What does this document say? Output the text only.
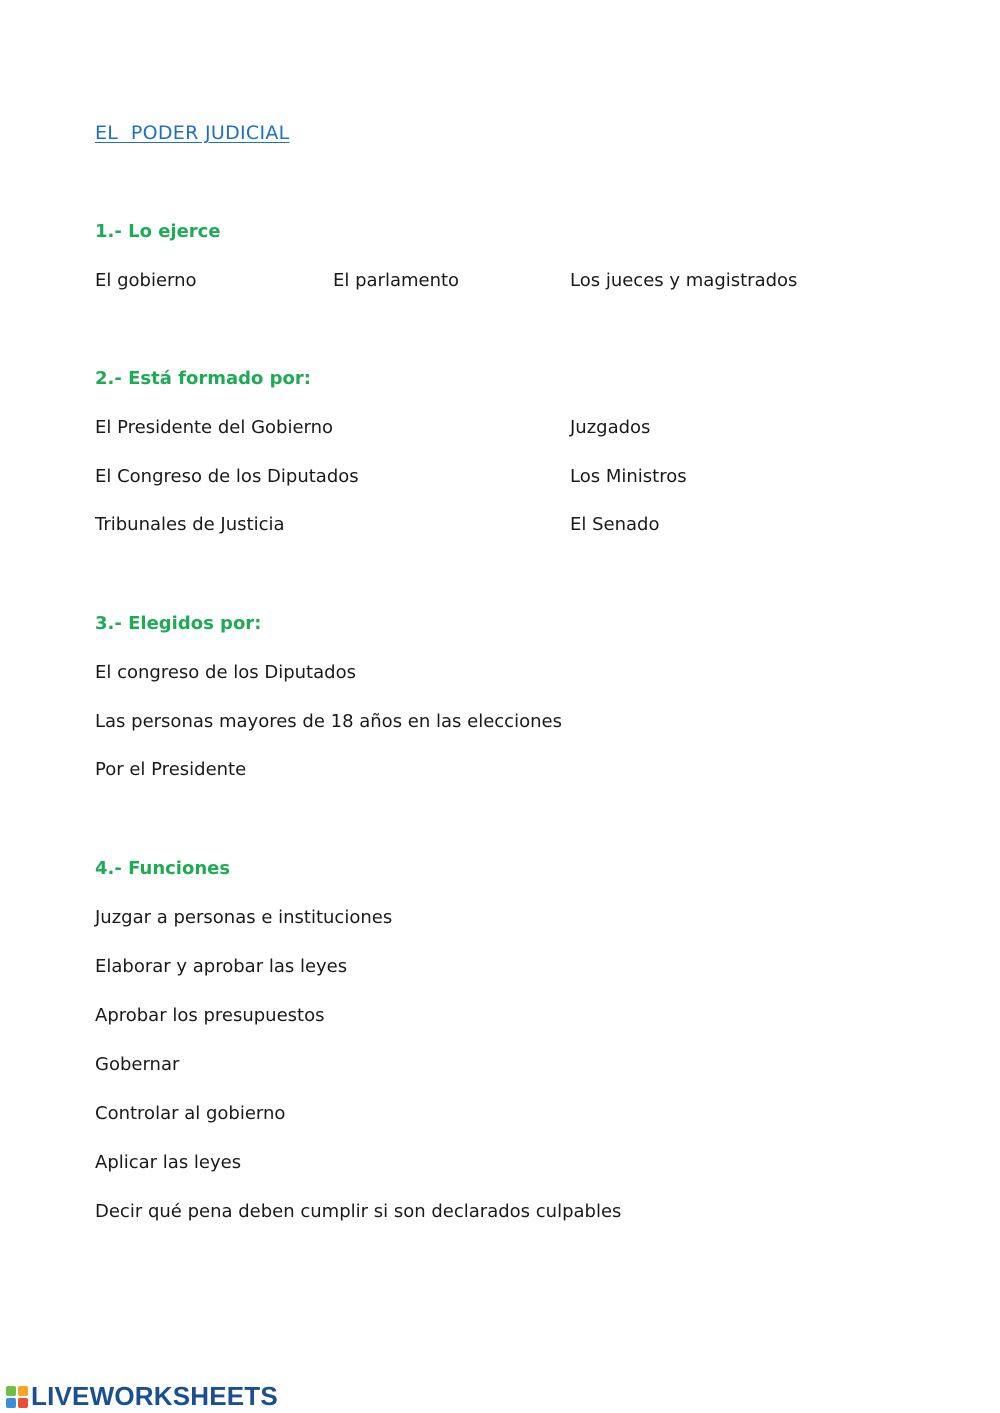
EL  PODER JUDICIAL
1.- Lo ejerce
El gobierno	El parlamento	Los jueces y magistrados
2.- Está formado por:
El Presidente del Gobierno	Juzgados
El Congreso de los Diputados	Los Ministros
Tribunales de Justicia	El Senado
3.- Elegidos por:
El congreso de los Diputados
Las personas mayores de 18 años en las elecciones
Por el Presidente
4.- Funciones
Juzgar a personas e instituciones
Elaborar y aprobar las leyes
Aprobar los presupuestos
Gobernar
Controlar al gobierno
Aplicar las leyes
Decir qué pena deben cumplir si son declarados culpables
LIVEWORKSHEETS
